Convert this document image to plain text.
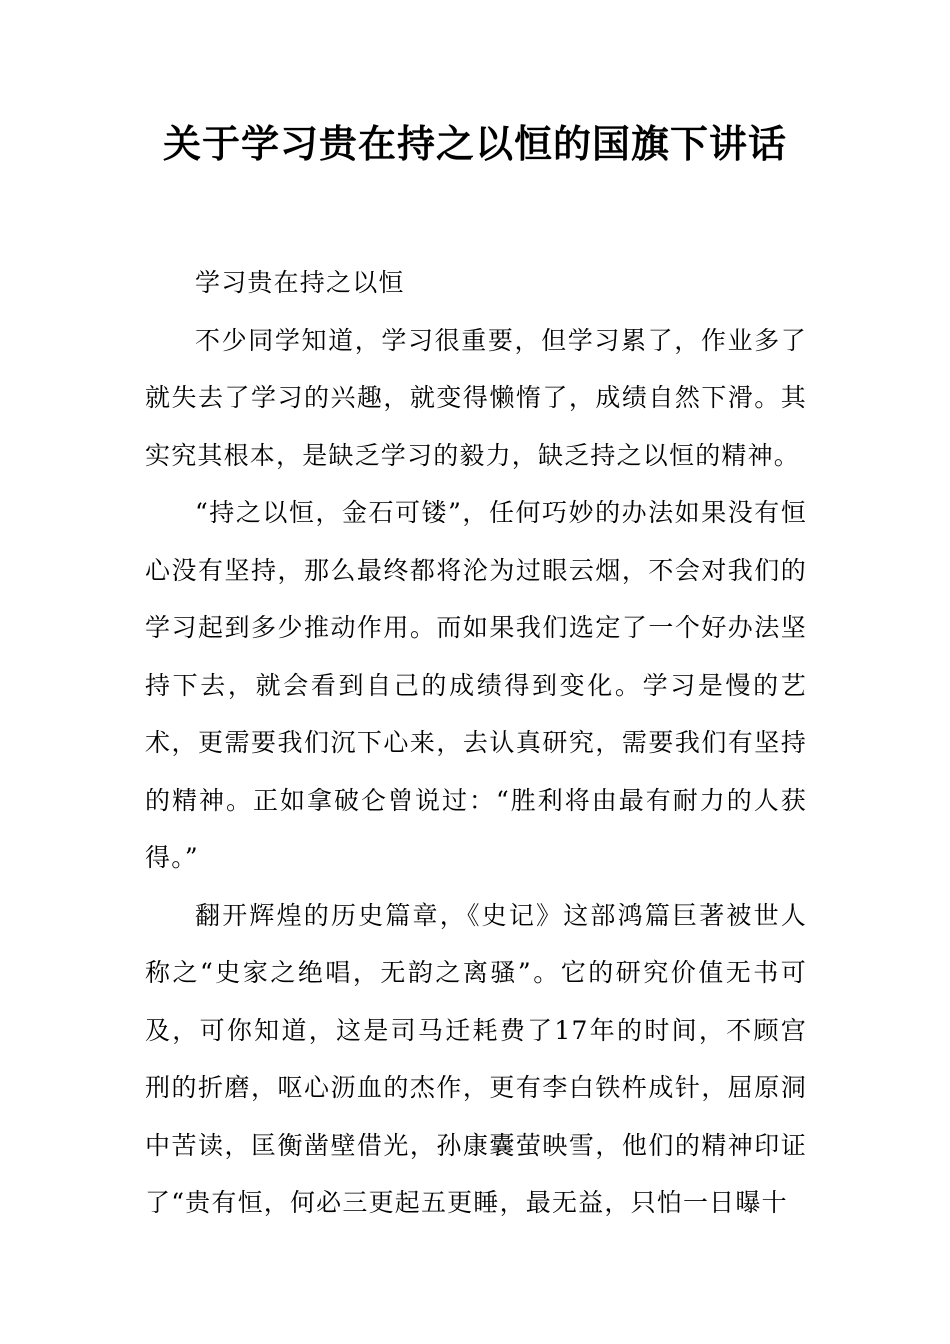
关于学习贵在持之以恒的国旗下讲话

学习贵在持之以恒

不少同学知道，学习很重要，但学习累了，作业多了就失去了学习的兴趣，就变得懒惰了，成绩自然下滑。其实究其根本，是缺乏学习的毅力，缺乏持之以恒的精神。

“持之以恒，金石可镂”，任何巧妙的办法如果没有恒心没有坚持，那么最终都将沦为过眼云烟，不会对我们的学习起到多少推动作用。而如果我们选定了一个好办法坚持下去，就会看到自己的成绩得到变化。学习是慢的艺术，更需要我们沉下心来，去认真研究，需要我们有坚持的精神。正如拿破仑曾说过：“胜利将由最有耐力的人获得。”

翻开辉煌的历史篇章，《史记》这部鸿篇巨著被世人称之“史家之绝唱，无韵之离骚”。它的研究价值无书可及，可你知道，这是司马迁耗费了17年的时间，不顾宫刑的折磨，呕心沥血的杰作，更有李白铁杵成针，屈原洞中苦读，匡衡凿壁借光，孙康囊萤映雪，他们的精神印证了“贵有恒，何必三更起五更睡，最无益，只怕一日曝十
